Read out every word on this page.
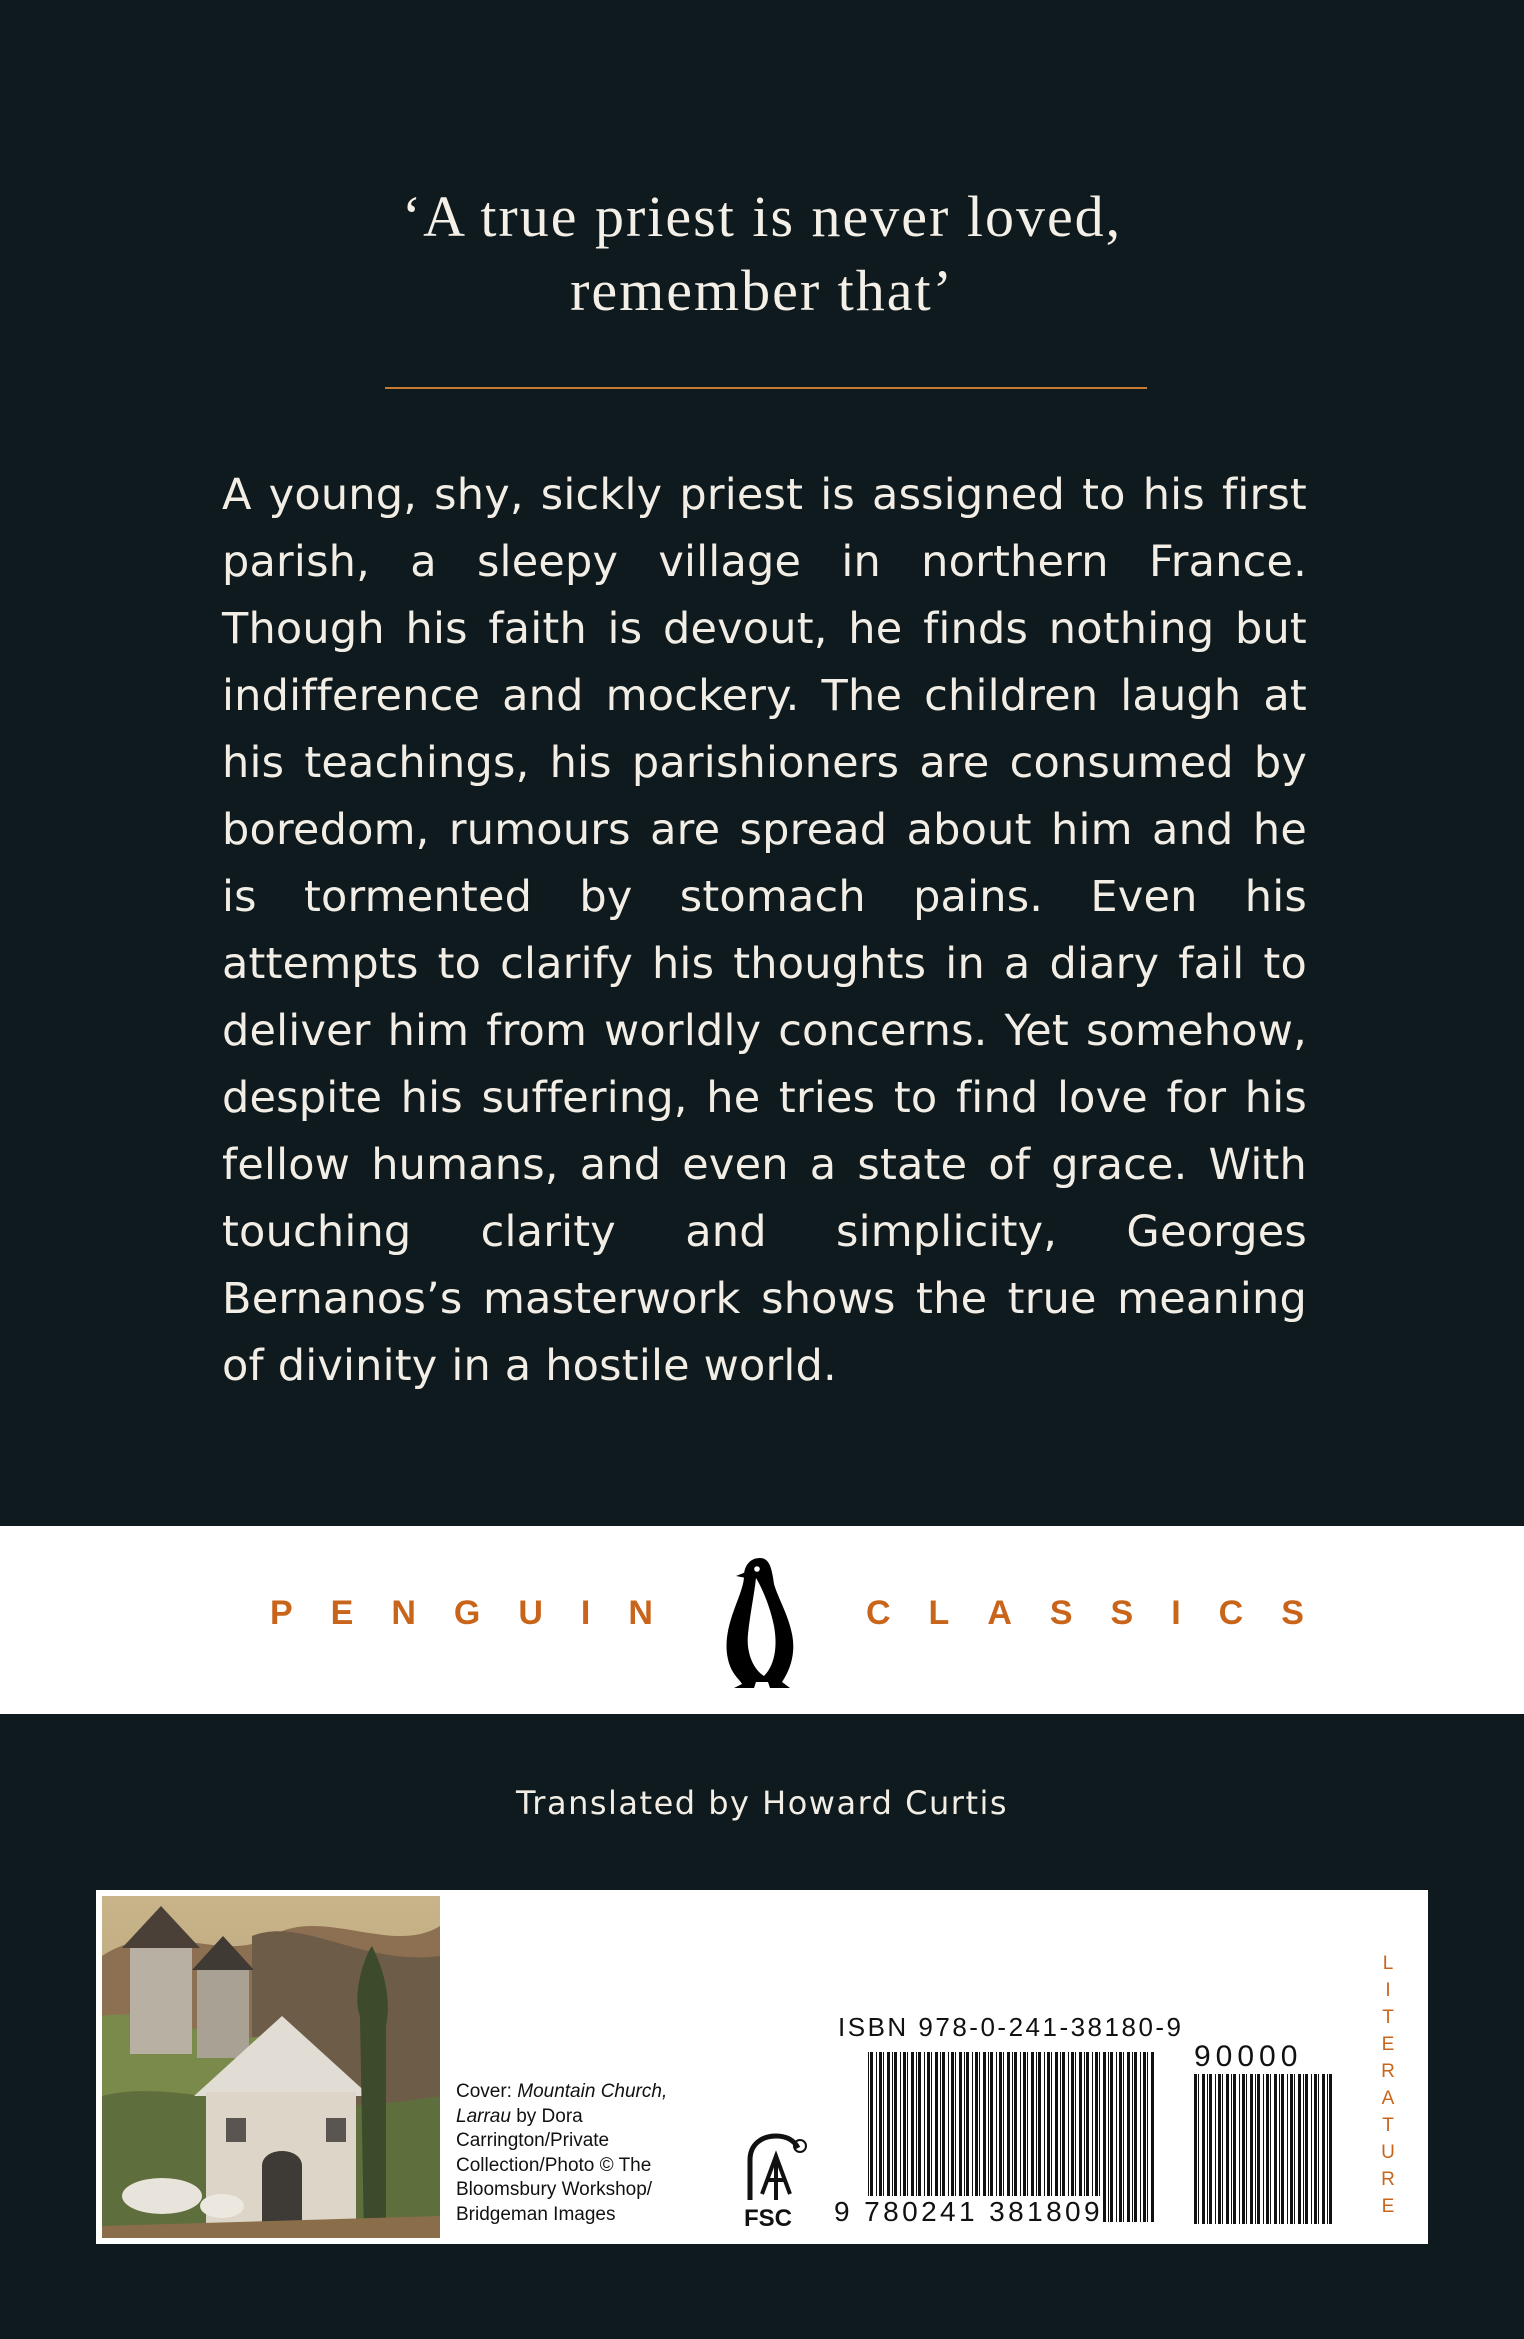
‘A true priest is never loved,
remember that’
A young, shy, sickly priest is assigned to his first parish, a sleepy village in northern France. Though his faith is devout, he finds nothing but indifference and mockery. The children laugh at his teachings, his parishioners are consumed by boredom, rumours are spread about him and he is tormented by stomach pains. Even his attempts to clarify his thoughts in a diary fail to deliver him from worldly concerns. Yet somehow, despite his suffering, he tries to find love for his fellow humans, and even a state of grace. With touching clarity and simplicity, Georges Bernanos’s masterwork shows the true meaning of divinity in a hostile world.
PENGUIN	CLASSICS
Translated by Howard Curtis
Cover: Mountain Church, Larrau by Dora Carrington/Private Collection/Photo © The Bloomsbury Workshop/ Bridgeman Images	FSC
ISBN 978-0-241-38180-9
9 780241 381809
90000
L
I
T
E
R
A
T
U
R
E
